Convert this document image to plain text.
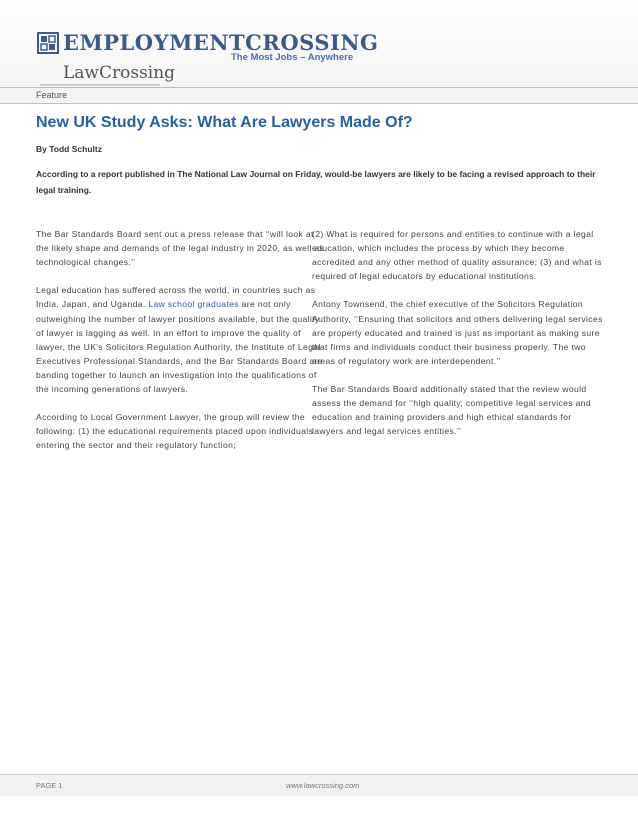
EMPLOYMENTCROSSING
The Most Jobs – Anywhere
LawCrossing
Feature
New UK Study Asks: What Are Lawyers Made Of?
By Todd Schultz
According to a report published in The National Law Journal on Friday, would-be lawyers are likely to be facing a revised approach to their legal training.

The Bar Standards Board sent out a press release that ‘‘will look at the likely shape and demands of the legal industry in 2020, as well as technological changes.’’

Legal education has suffered across the world, in countries such as India, Japan, and Uganda. Law school graduates are not only outweighing the number of lawyer positions available, but the quality of lawyer is lagging as well. In an effort to improve the quality of lawyer, the UK's Solicitors Regulation Authority, the Institute of Legal Executives Professional Standards, and the Bar Standards Board are banding together to launch an investigation into the qualifications of the incoming generations of lawyers.

According to Local Government Lawyer, the group will review the following: (1) the educational requirements placed upon individuals entering the sector and their regulatory function;

(2) What is required for persons and entities to continue with a legal education, which includes the process by which they become accredited and any other method of quality assurance; (3) and what is required of legal educators by educational institutions.

Antony Townsend, the chief executive of the Solicitors Regulation Authority, ‘‘Ensuring that solicitors and others delivering legal services are properly educated and trained is just as important as making sure that firms and individuals conduct their business properly. The two areas of regulatory work are interdependent.’’

The Bar Standards Board additionally stated that the review would assess the demand for ‘‘high quality, competitive legal services and education and training providers and high ethical standards for lawyers and legal services entities.’’

PAGE 1	www.lawcrossing.com
